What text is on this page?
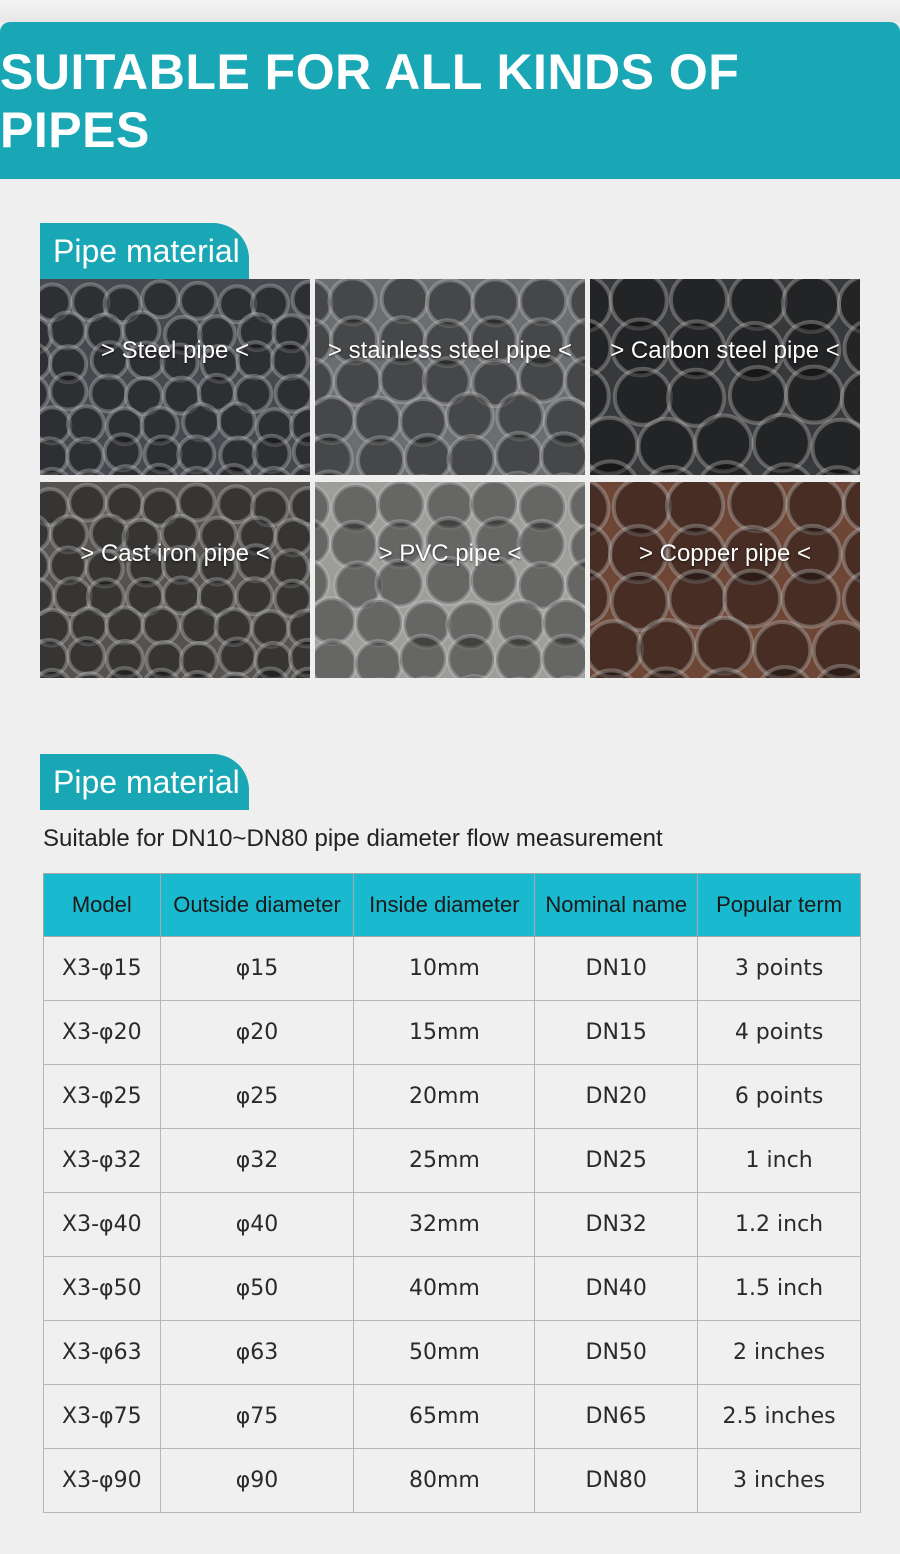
SUITABLE FOR ALL KINDS OF PIPES
Pipe material
> Steel pipe <	> stainless steel pipe < > Carbon steel pipe <
> Cast iron pipe <	> PVC pipe <	> Copper pipe <
Pipe material
Suitable for DN10~DN80 pipe diameter flow measurement
Model	Outside diameter	Inside diameter	Nominal name	Popular term
X3-φ15	φ15	10mm	DN10	3 points
X3-φ20	φ20	15mm	DN15	4 points
X3-φ25	φ25	20mm	DN20	6 points
X3-φ32	φ32	25mm	DN25	1 inch
X3-φ40	φ40	32mm	DN32	1.2 inch
X3-φ50	φ50	40mm	DN40	1.5 inch
X3-φ63	φ63	50mm	DN50	2 inches
X3-φ75	φ75	65mm	DN65	2.5 inches
X3-φ90	φ90	80mm	DN80	3 inches
